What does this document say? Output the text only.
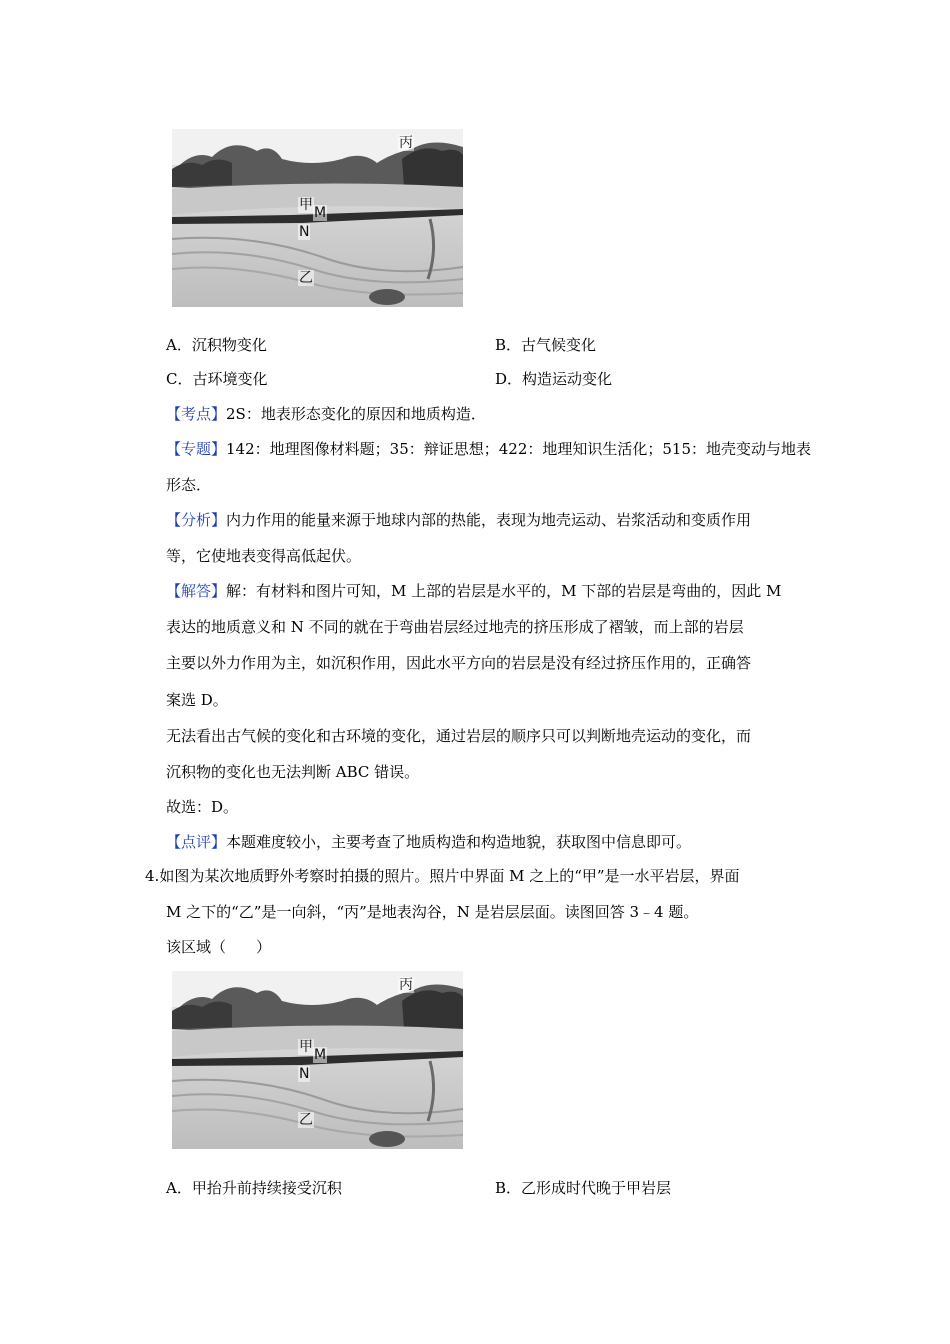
丙
甲 M
N
乙
A．沉积物变化	B．古气候变化
C．古环境变化	D．构造运动变化
【考点】2S：地表形态变化的原因和地质构造．
【专题】142：地理图像材料题；35：辩证思想；422：地理知识生活化；515：地壳变动与地表
形态．
【分析】内力作用的能量来源于地球内部的热能，表现为地壳运动、岩浆活动和变质作用
等，它使地表变得高低起伏。
【解答】解：有材料和图片可知，M 上部的岩层是水平的，M 下部的岩层是弯曲的，因此 M
表达的地质意义和 N 不同的就在于弯曲岩层经过地壳的挤压形成了褶皱，而上部的岩层
主要以外力作用为主，如沉积作用，因此水平方向的岩层是没有经过挤压作用的，正确答
案选 D。
无法看出古气候的变化和古环境的变化，通过岩层的顺序只可以判断地壳运动的变化，而
沉积物的变化也无法判断 ABC 错误。
故选：D。
【点评】本题难度较小，主要考查了地质构造和构造地貌，获取图中信息即可。
4.如图为某次地质野外考察时拍摄的照片。照片中界面 M 之上的“甲”是一水平岩层，界面
M 之下的“乙”是一向斜，“丙”是地表沟谷，N 是岩层层面。读图回答 3﹣4 题。
该区域（　　）
丙
甲 M
N
乙
A．甲抬升前持续接受沉积	B．乙形成时代晚于甲岩层
